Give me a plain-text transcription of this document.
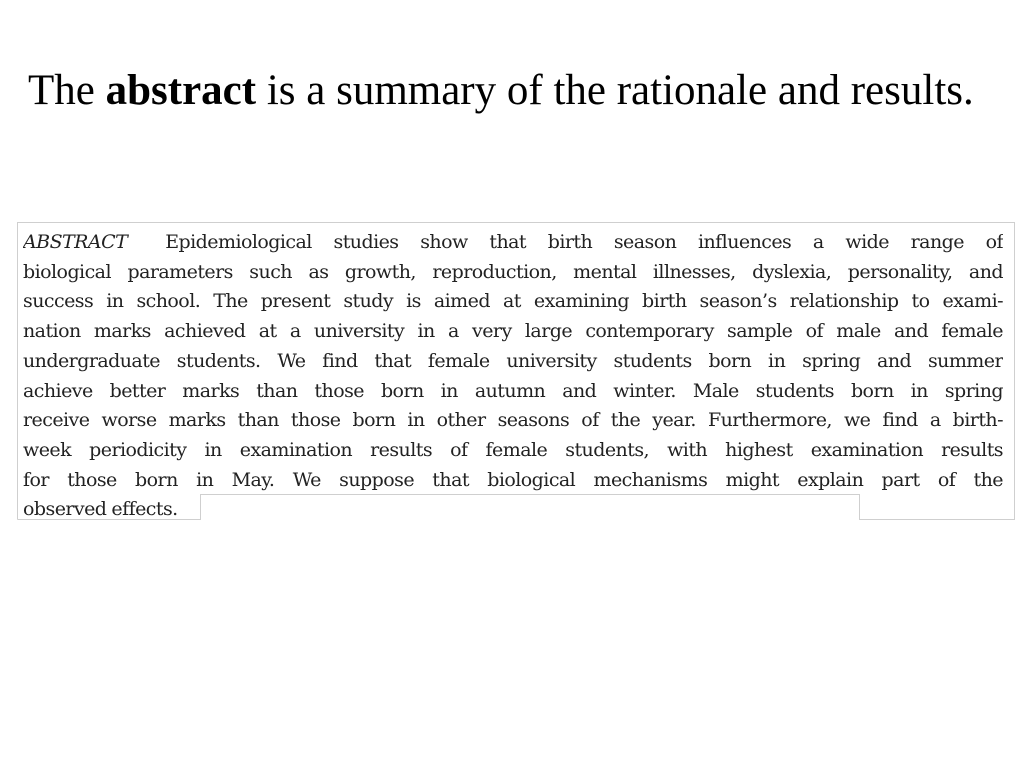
The abstract is a summary of the rationale and results.
ABSTRACT Epidemiological studies show that birth season influences a wide range of
biological parameters such as growth, reproduction, mental illnesses, dyslexia, personality, and
success in school. The present study is aimed at examining birth season’s relationship to exami-
nation marks achieved at a university in a very large contemporary sample of male and female
undergraduate students. We find that female university students born in spring and summer
achieve better marks than those born in autumn and winter. Male students born in spring
receive worse marks than those born in other seasons of the year. Furthermore, we find a birth-
week periodicity in examination results of female students, with highest examination results
for those born in May. We suppose that biological mechanisms might explain part of the
observed effects.
